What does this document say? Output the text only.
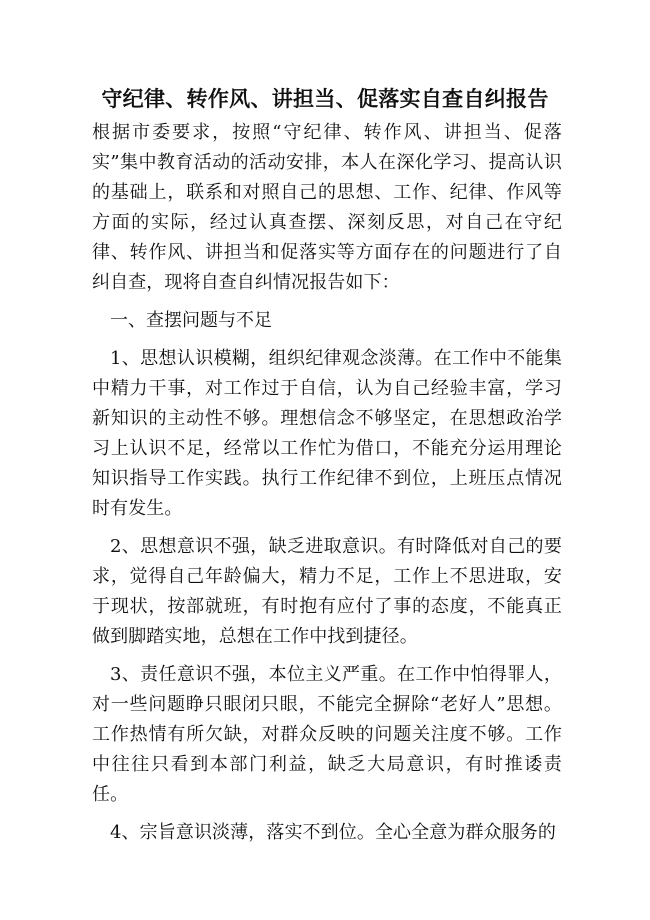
守纪律、转作风、讲担当、促落实自查自纠报告

根据市委要求，按照“守纪律、转作风、讲担当、促落实”集中教育活动的活动安排，本人在深化学习、提高认识的基础上，联系和对照自己的思想、工作、纪律、作风等方面的实际，经过认真查摆、深刻反思，对自己在守纪律、转作风、讲担当和促落实等方面存在的问题进行了自纠自查，现将自查自纠情况报告如下：

一、查摆问题与不足

1、思想认识模糊，组织纪律观念淡薄。在工作中不能集中精力干事，对工作过于自信，认为自己经验丰富，学习新知识的主动性不够。理想信念不够坚定，在思想政治学习上认识不足，经常以工作忙为借口，不能充分运用理论知识指导工作实践。执行工作纪律不到位，上班压点情况时有发生。

2、思想意识不强，缺乏进取意识。有时降低对自己的要求，觉得自己年龄偏大，精力不足，工作上不思进取，安于现状，按部就班，有时抱有应付了事的态度，不能真正做到脚踏实地，总想在工作中找到捷径。

3、责任意识不强，本位主义严重。在工作中怕得罪人，对一些问题睁只眼闭只眼，不能完全摒除“老好人”思想。工作热情有所欠缺，对群众反映的问题关注度不够。工作中往往只看到本部门利益，缺乏大局意识，有时推诿责任。

4、宗旨意识淡薄，落实不到位。全心全意为群众服务的
